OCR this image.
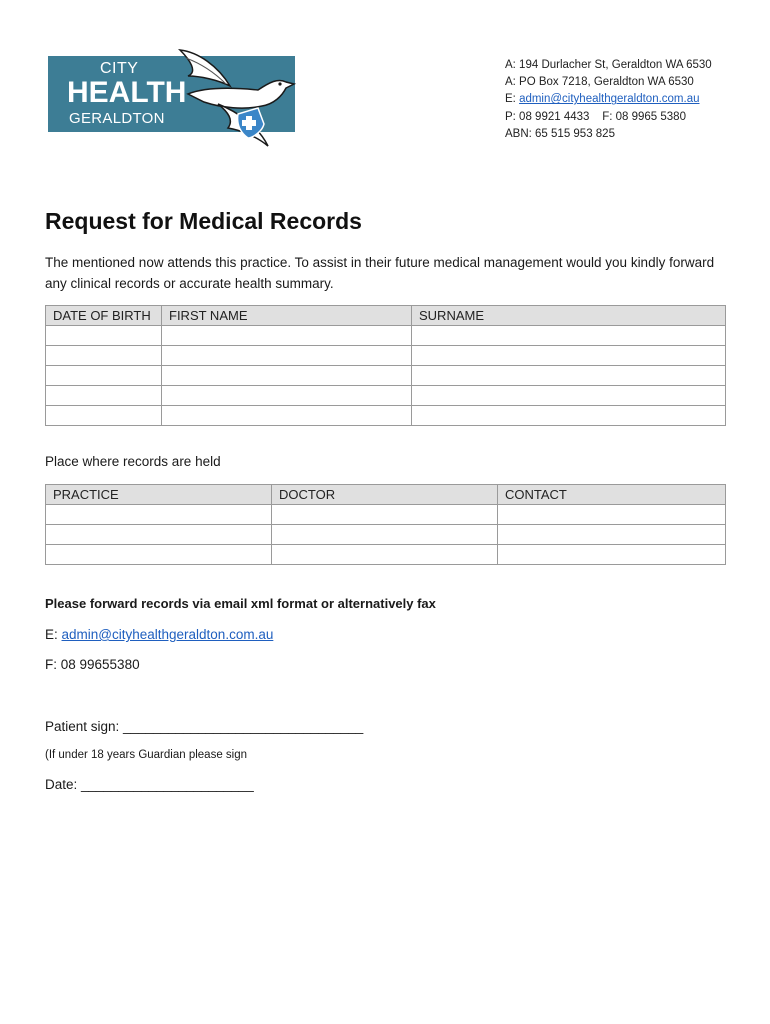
CITY
HEALTH
GERALDTON
A: 194 Durlacher St, Geraldton WA 6530
A: PO Box 7218, Geraldton WA 6530
E: admin@cityhealthgeraldton.com.au
P: 08 9921 4433 F: 08 9965 5380
ABN: 65 515 953 825
Request for Medical Records

The mentioned now attends this practice. To assist in their future medical management would you kindly forward any clinical records or accurate health summary.

DATE OF BIRTH	FIRST NAME	SURNAME

Place where records are held
PRACTICE	DOCTOR	CONTACT

Please forward records via email xml format or alternatively fax
E: admin@cityhealthgeraldton.com.au
F: 08 99655380
Patient sign: ________________________________
(If under 18 years Guardian please sign
Date: _______________________
